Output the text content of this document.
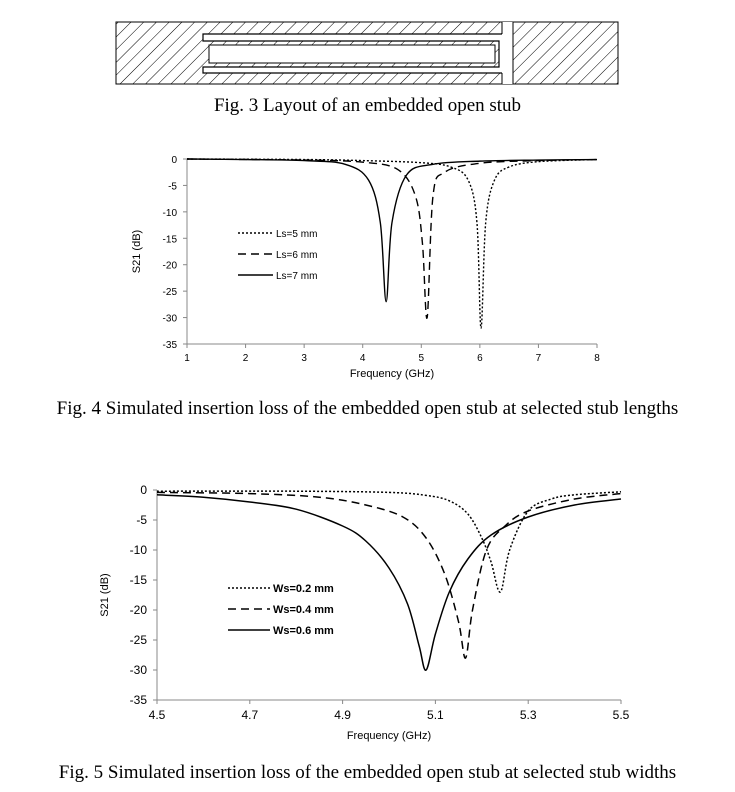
Fig. 3 Layout of an embedded open stub
0
-5
-10
-15
-20
-25
-30
-35
1	2	3	4	5	6	7	8
Frequency (GHz)
S21 (dB)	Ls=5 mm
Ls=6 mm
Ls=7 mm
Fig. 4 Simulated insertion loss of the embedded open stub at selected stub lengths
0
-5
-10
-15
-20
-25
-30
-35
4.5	4.7	4.9	5.1	5.3	5.5
Frequency (GHz)
S21 (dB)	Ws=0.2 mm
Ws=0.4 mm
Ws=0.6 mm
Fig. 5 Simulated insertion loss of the embedded open stub at selected stub widths
